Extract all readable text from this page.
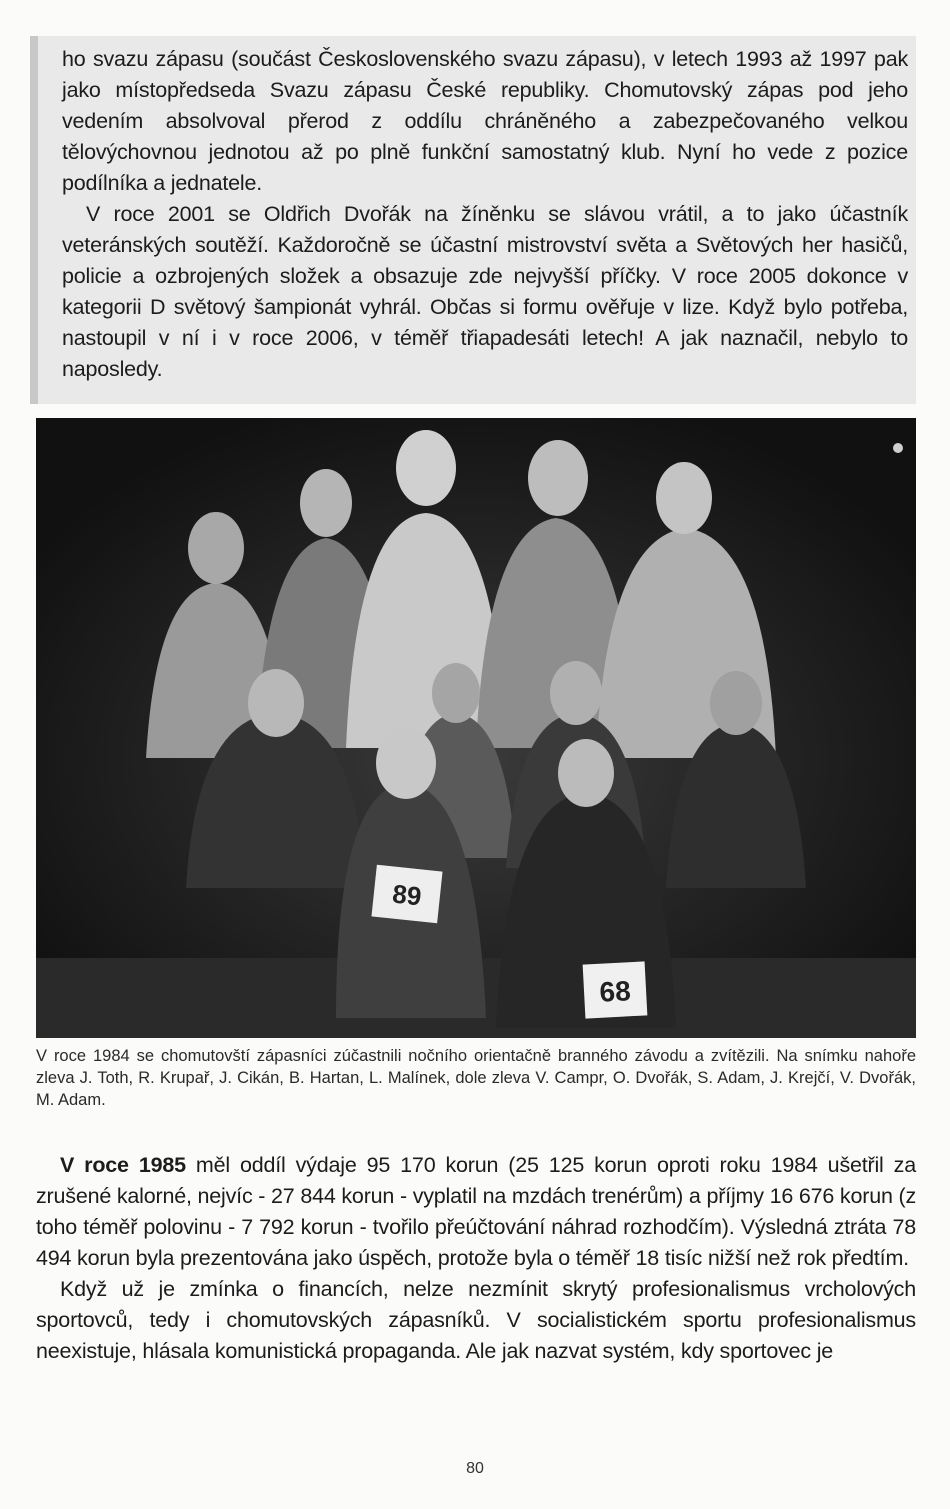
ho svazu zápasu (součást Československého svazu zápasu), v letech 1993 až 1997 pak jako místopředseda Svazu zápasu České republiky. Chomutovský zápas pod jeho vedením absolvoval přerod z oddílu chráněného a zabezpečovaného velkou tělovýchovnou jednotou až po plně funkční samostatný klub. Nyní ho vede z pozice podílníka a jednatele.

V roce 2001 se Oldřich Dvořák na žíněnku se slávou vrátil, a to jako účastník veteránských soutěží. Každoročně se účastní mistrovství světa a Světových her hasičů, policie a ozbrojených složek a obsazuje zde nejvyšší příčky. V roce 2005 dokonce v kategorii D světový šampionát vyhrál. Občas si formu ověřuje v lize. Když bylo potřeba, nastoupil v ní i v roce 2006, v téměř třiapadesáti letech! A jak naznačil, nebylo to naposledy.

89
68
V roce 1984 se chomutovští zápasníci zúčastnili nočního orientačně branného závodu a zvítězili. Na snímku nahoře zleva J. Toth, R. Krupař, J. Cikán, B. Hartan, L. Malínek, dole zleva V. Campr, O. Dvořák, S. Adam, J. Krejčí, V. Dvořák, M. Adam.

V roce 1985 měl oddíl výdaje 95 170 korun (25 125 korun oproti roku 1984 ušetřil za zrušené kalorné, nejvíc - 27 844 korun - vyplatil na mzdách trenérům) a příjmy 16 676 korun (z toho téměř polovinu - 7 792 korun - tvořilo přeúčtování náhrad rozhodčím). Výsledná ztráta 78 494 korun byla prezentována jako úspěch, protože byla o téměř 18 tisíc nižší než rok předtím.

Když už je zmínka o financích, nelze nezmínit skrytý profesionalismus vrcholových sportovců, tedy i chomutovských zápasníků. V socialistickém sportu profesionalismus neexistuje, hlásala komunistická propaganda. Ale jak nazvat systém, kdy sportovec je

80
